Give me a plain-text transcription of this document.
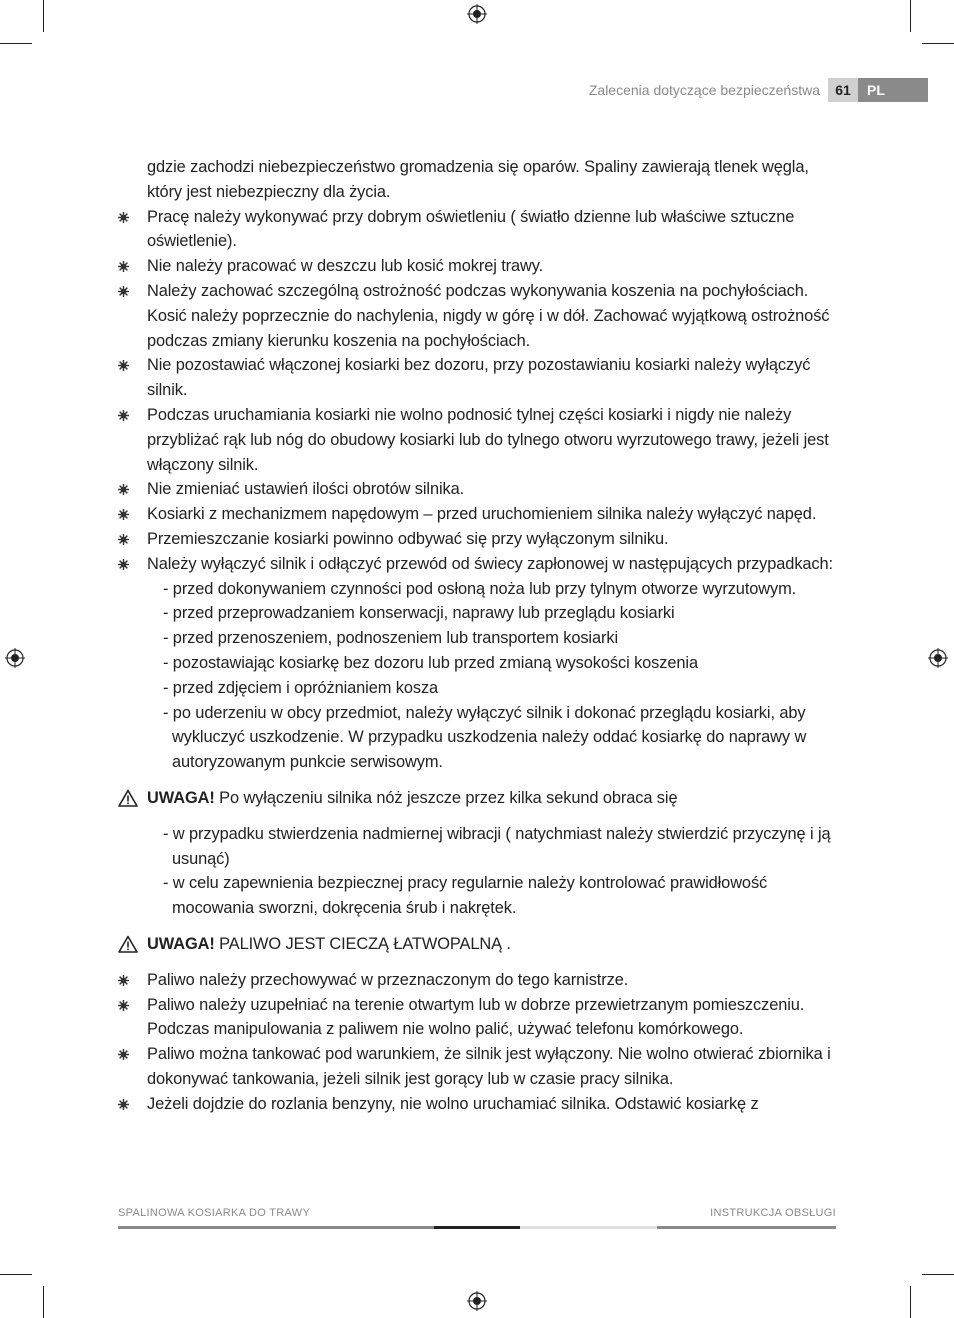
Zalecenia dotyczące bezpieczeństwa	61	PL

gdzie zachodzi niebezpieczeństwo gromadzenia się oparów. Spaliny zawierają tlenek węgla, który jest niebezpieczny dla życia.

Pracę należy wykonywać przy dobrym oświetleniu ( światło dzienne lub właściwe sztuczne oświetlenie).

Nie należy pracować w deszczu lub kosić mokrej trawy.

Należy zachować szczególną ostrożność podczas wykonywania koszenia na pochyłościach. Kosić należy poprzecznie do nachylenia, nigdy w górę i w dół. Zachować wyjątkową ostrożność podczas zmiany kierunku koszenia na pochyłościach.

Nie pozostawiać włączonej kosiarki bez dozoru, przy pozostawianiu kosiarki należy wyłączyć silnik.

Podczas uruchamiania kosiarki nie wolno podnosić tylnej części kosiarki i nigdy nie należy przybliżać rąk lub nóg do obudowy kosiarki lub do tylnego otworu wyrzutowego trawy, jeżeli jest włączony silnik.

Nie zmieniać ustawień ilości obrotów silnika.

Kosiarki z mechanizmem napędowym – przed uruchomieniem silnika należy wyłączyć napęd.

Przemieszczanie kosiarki powinno odbywać się przy wyłączonym silniku.

Należy wyłączyć silnik i odłączyć przewód od świecy zapłonowej w następujących przypadkach:

- przed dokonywaniem czynności pod osłoną noża lub przy tylnym otworze wyrzutowym.

- przed przeprowadzaniem konserwacji, naprawy lub przeglądu kosiarki

- przed przenoszeniem, podnoszeniem lub transportem kosiarki

- pozostawiając kosiarkę bez dozoru lub przed zmianą wysokości koszenia

- przed zdjęciem i opróżnianiem kosza

- po uderzeniu w obcy przedmiot, należy wyłączyć silnik i dokonać przeglądu kosiarki, aby wykluczyć uszkodzenie. W przypadku uszkodzenia należy oddać kosiarkę do naprawy w autoryzowanym punkcie serwisowym.

UWAGA! Po wyłączeniu silnika nóż jeszcze przez kilka sekund obraca się

- w przypadku stwierdzenia nadmiernej wibracji ( natychmiast należy stwierdzić przyczynę i ją usunąć)

- w celu zapewnienia bezpiecznej pracy regularnie należy kontrolować prawidłowość mocowania sworzni, dokręcenia śrub i nakrętek.

UWAGA! PALIWO JEST CIECZĄ ŁATWOPALNĄ .

Paliwo należy przechowywać w przeznaczonym do tego karnistrze.

Paliwo należy uzupełniać na terenie otwartym lub w dobrze przewietrzanym pomieszczeniu. Podczas manipulowania z paliwem nie wolno palić, używać telefonu komórkowego.

Paliwo można tankować pod warunkiem, że silnik jest wyłączony. Nie wolno otwierać zbiornika i dokonywać tankowania, jeżeli silnik jest gorący lub w czasie pracy silnika.

Jeżeli dojdzie do rozlania benzyny, nie wolno uruchamiać silnika. Odstawić kosiarkę z

SPALINOWA KOSIARKA DO TRAWY	INSTRUKCJA OBSŁUGI
